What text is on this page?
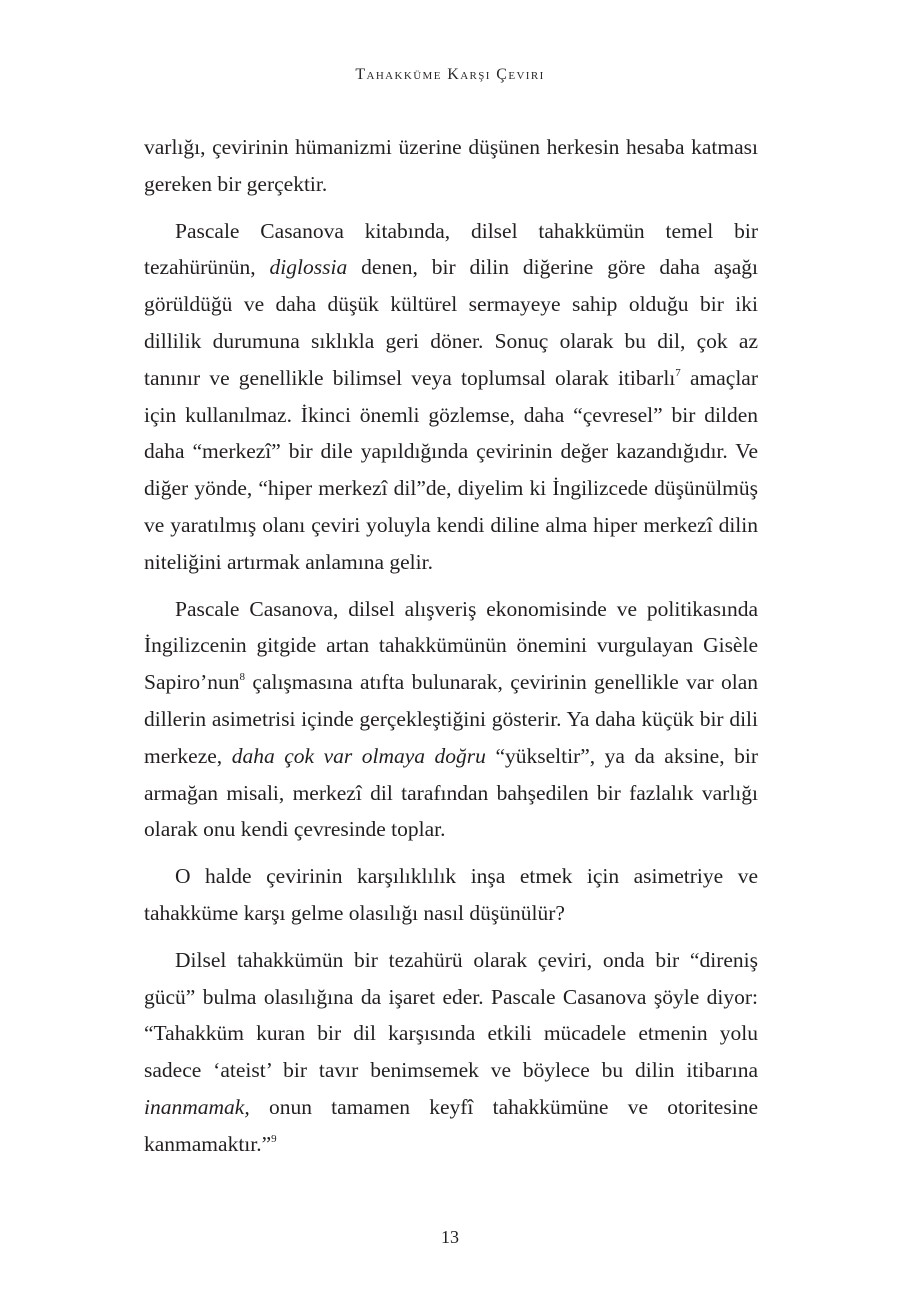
Tahakküme Karşı Çeviri

varlığı, çevirinin hümanizmi üzerine düşünen herkesin hesaba katması gereken bir gerçektir.

Pascale Casanova kitabında, dilsel tahakkümün temel bir tezahürünün, diglossia denen, bir dilin diğerine göre daha aşağı görüldüğü ve daha düşük kültürel sermayeye sahip olduğu bir iki dillilik durumuna sıklıkla geri döner. Sonuç olarak bu dil, çok az tanınır ve genellikle bilimsel veya toplumsal olarak itibarlı$^7$ amaçlar için kullanılmaz. İkinci önemli gözlemse, daha “çevresel” bir dilden daha “merkezî” bir dile yapıldığında çevirinin değer kazandığıdır. Ve diğer yönde, “hiper merkezî dil”de, diyelim ki İngilizcede düşünülmüş ve yaratılmış olanı çeviri yoluyla kendi diline alma hiper merkezî dilin niteliğini artırmak anlamına gelir.

Pascale Casanova, dilsel alışveriş ekonomisinde ve politikasında İngilizcenin gitgide artan tahakkümünün önemini vurgulayan Gisèle Sapiro’nun$^8$ çalışmasına atıfta bulunarak, çevirinin genellikle var olan dillerin asimetrisi içinde gerçekleştiğini gösterir. Ya daha küçük bir dili merkeze, daha çok var olmaya doğru “yükseltir”, ya da aksine, bir armağan misali, merkezî dil tarafından bahşedilen bir fazlalık varlığı olarak onu kendi çevresinde toplar.

O halde çevirinin karşılıklılık inşa etmek için asimetriye ve tahakküme karşı gelme olasılığı nasıl düşünülür?

Dilsel tahakkümün bir tezahürü olarak çeviri, onda bir “direniş gücü” bulma olasılığına da işaret eder. Pascale Casanova şöyle diyor: “Tahakküm kuran bir dil karşısında etkili mücadele etmenin yolu sadece ‘ateist’ bir tavır benimsemek ve böylece bu dilin itibarına inanmamak, onun tamamen keyfî tahakkümüne ve otoritesine kanmamaktır.”$^9$

13
